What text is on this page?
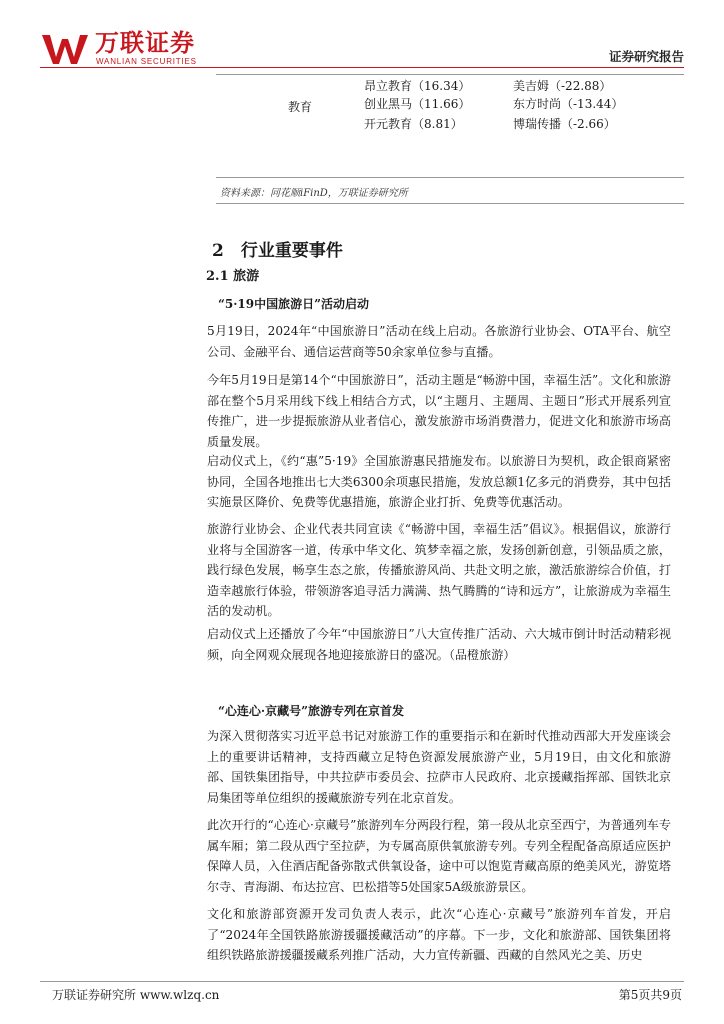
万联证券
WANLIAN SECURITIES	证券研究报告
教育
昂立教育（16.34）	美吉姆（-22.88）
创业黑马（11.66）	东方时尚（-13.44）
开元教育（8.81）	博瑞传播（-2.66）
资料来源：同花顺iFinD，万联证券研究所
2　行业重要事件
2.1 旅游
“5·19中国旅游日”活动启动

5月19日，2024年“中国旅游日”活动在线上启动。各旅游行业协会、OTA平台、航空公司、金融平台、通信运营商等50余家单位参与直播。

今年5月19日是第14个“中国旅游日”，活动主题是“畅游中国，幸福生活”。文化和旅游部在整个5月采用线下线上相结合方式，以“主题月、主题周、主题日”形式开展系列宣传推广，进一步提振旅游从业者信心，激发旅游市场消费潜力，促进文化和旅游市场高质量发展。

启动仪式上，《约“惠”5·19》全国旅游惠民措施发布。以旅游日为契机，政企银商紧密协同，全国各地推出七大类6300余项惠民措施，发放总额1亿多元的消费券，其中包括实施景区降价、免费等优惠措施，旅游企业打折、免费等优惠活动。

旅游行业协会、企业代表共同宣读《“畅游中国，幸福生活”倡议》。根据倡议，旅游行业将与全国游客一道，传承中华文化、筑梦幸福之旅，发扬创新创意，引领品质之旅，践行绿色发展，畅享生态之旅，传播旅游风尚、共赴文明之旅，激活旅游综合价值，打造幸越旅行体验，带领游客追寻活力满满、热气腾腾的“诗和远方”，让旅游成为幸福生活的发动机。

启动仪式上还播放了今年“中国旅游日”八大宣传推广活动、六大城市倒计时活动精彩视频，向全网观众展现各地迎接旅游日的盛况。（品橙旅游）

“心连心·京藏号”旅游专列在京首发

为深入贯彻落实习近平总书记对旅游工作的重要指示和在新时代推动西部大开发座谈会上的重要讲话精神，支持西藏立足特色资源发展旅游产业，5月19日，由文化和旅游部、国铁集团指导，中共拉萨市委员会、拉萨市人民政府、北京援藏指挥部、国铁北京局集团等单位组织的援藏旅游专列在北京首发。

此次开行的“心连心·京藏号”旅游列车分两段行程，第一段从北京至西宁，为普通列车专属车厢；第二段从西宁至拉萨，为专属高原供氧旅游专列。专列全程配备高原适应医护保障人员，入住酒店配备弥散式供氧设备，途中可以饱览青藏高原的绝美风光，游览塔尔寺、青海湖、布达拉宫、巴松措等5处国家5A级旅游景区。

文化和旅游部资源开发司负责人表示，此次“心连心·京藏号”旅游列车首发，开启了“2024年全国铁路旅游援疆援藏活动”的序幕。下一步，文化和旅游部、国铁集团将组织铁路旅游援疆援藏系列推广活动，大力宣传新疆、西藏的自然风光之美、历史

万联证券研究所 www.wlzq.cn	第5页共9页
